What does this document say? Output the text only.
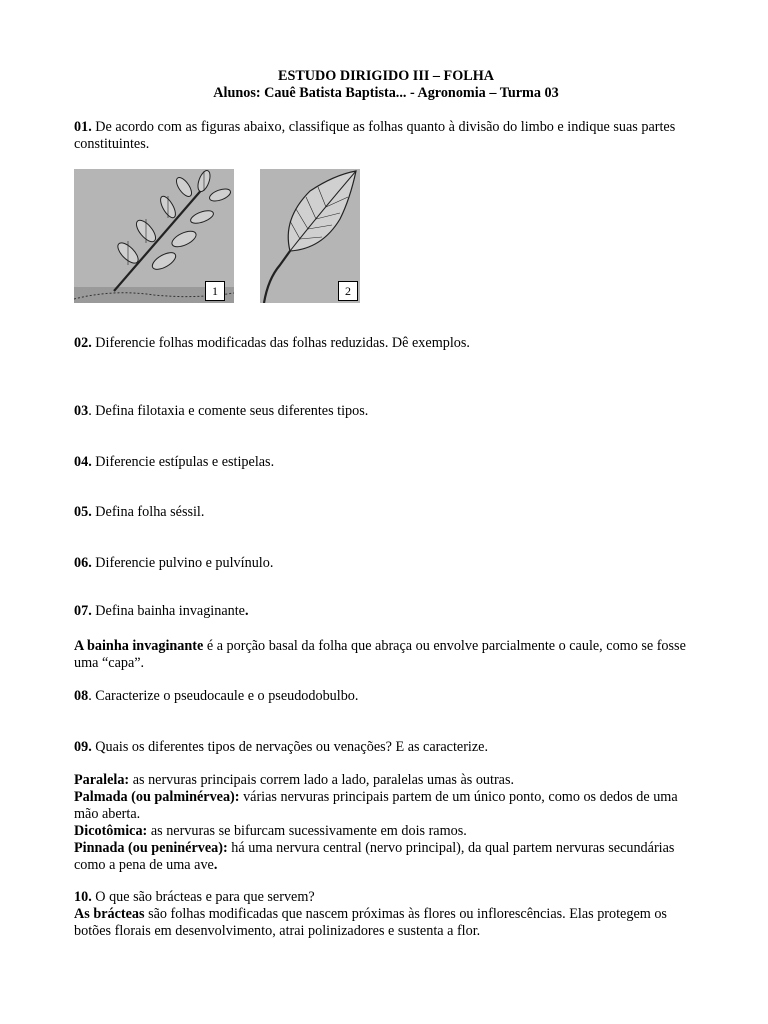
ESTUDO DIRIGIDO III – FOLHA
Alunos: Cauê Batista Baptista... - Agronomia – Turma 03

01. De acordo com as figuras abaixo, classifique as folhas quanto à divisão do limbo e indique suas partes constituintes.

1	2

02. Diferencie folhas modificadas das folhas reduzidas. Dê exemplos.

03. Defina filotaxia e comente seus diferentes tipos.

04. Diferencie estípulas e estipelas.

05. Defina folha séssil.

06. Diferencie pulvino e pulvínulo.

07. Defina bainha invaginante.

A bainha invaginante é a porção basal da folha que abraça ou envolve parcialmente o caule, como se fosse uma “capa”.

08. Caracterize o pseudocaule e o pseudodobulbo.

09. Quais os diferentes tipos de nervações ou venações? E as caracterize.

Paralela: as nervuras principais correm lado a lado, paralelas umas às outras.

Palmada (ou palminérvea): várias nervuras principais partem de um único ponto, como os dedos de uma mão aberta.

Dicotômica: as nervuras se bifurcam sucessivamente em dois ramos.

Pinnada (ou peninérvea): há uma nervura central (nervo principal), da qual partem nervuras secundárias como a pena de uma ave.

10. O que são brácteas e para que servem?

As brácteas são folhas modificadas que nascem próximas às flores ou inflorescências. Elas protegem os botões florais em desenvolvimento, atrai polinizadores e sustenta a flor.
